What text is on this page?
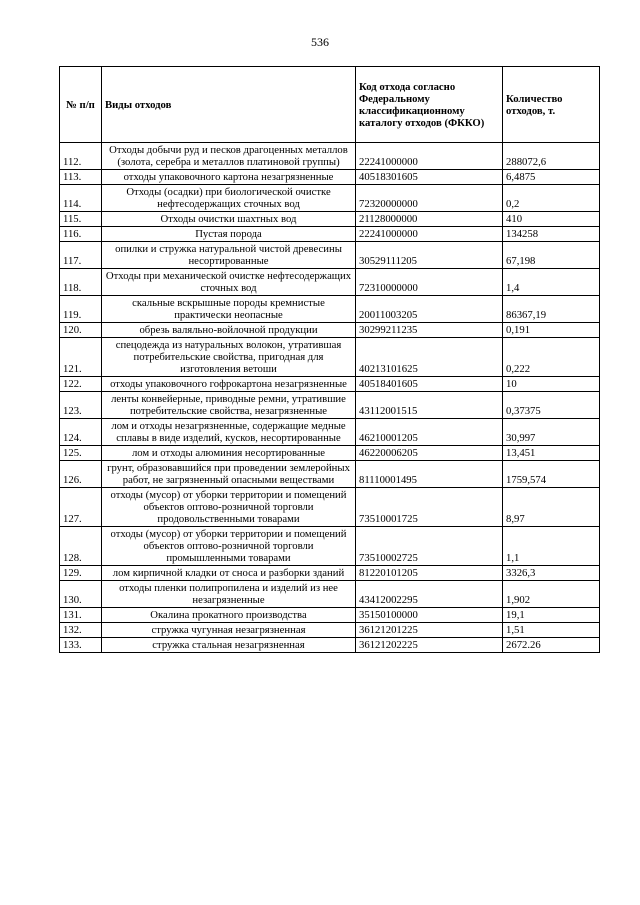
536
№ п/п	Виды отходов	Код отхода согласно Федеральному классификационному каталогу отходов (ФККО)	Количество отходов, т.
112.	Отходы добычи руд и песков драгоценных металлов (золота, серебра и металлов платиновой группы)	22241000000	288072,6
113.	отходы упаковочного картона незагрязненные	40518301605	6,4875
114.	Отходы (осадки) при биологической очистке нефтесодержащих сточных вод	72320000000	0,2
115.	Отходы очистки шахтных вод	21128000000	410
116.	Пустая порода	22241000000	134258
117.	опилки и стружка натуральной чистой древесины несортированные	30529111205	67,198
118.	Отходы при механической очистке нефтесодержащих сточных вод	72310000000	1,4
119.	скальные вскрышные породы кремнистые практически неопасные	20011003205	86367,19
120.	обрезь валяльно-войлочной продукции	30299211235	0,191
121.	спецодежда из натуральных волокон, утратившая потребительские свойства, пригодная для изготовления ветоши	40213101625	0,222
122.	отходы упаковочного гофрокартона незагрязненные	40518401605	10
123.	ленты конвейерные, приводные ремни, утратившие потребительские свойства, незагрязненные	43112001515	0,37375
124.	лом и отходы незагрязненные, содержащие медные сплавы в виде изделий, кусков, несортированные	46210001205	30,997
125.	лом и отходы алюминия несортированные	46220006205	13,451
126.	грунт, образовавшийся при проведении землеройных работ, не загрязненный опасными веществами	81110001495	1759,574
127.	отходы (мусор) от уборки территории и помещений объектов оптово-розничной торговли продовольственными товарами	73510001725	8,97
128.	отходы (мусор) от уборки территории и помещений объектов оптово-розничной торговли промышленными товарами	73510002725	1,1
129.	лом кирпичной кладки от сноса и разборки зданий	81220101205	3326,3
130.	отходы пленки полипропилена и изделий из нее незагрязненные	43412002295	1,902
131.	Окалина прокатного производства	35150100000	19,1
132.	стружка чугунная незагрязненная	36121201225	1,51
133.	стружка стальная незагрязненная	36121202225	2672.26
